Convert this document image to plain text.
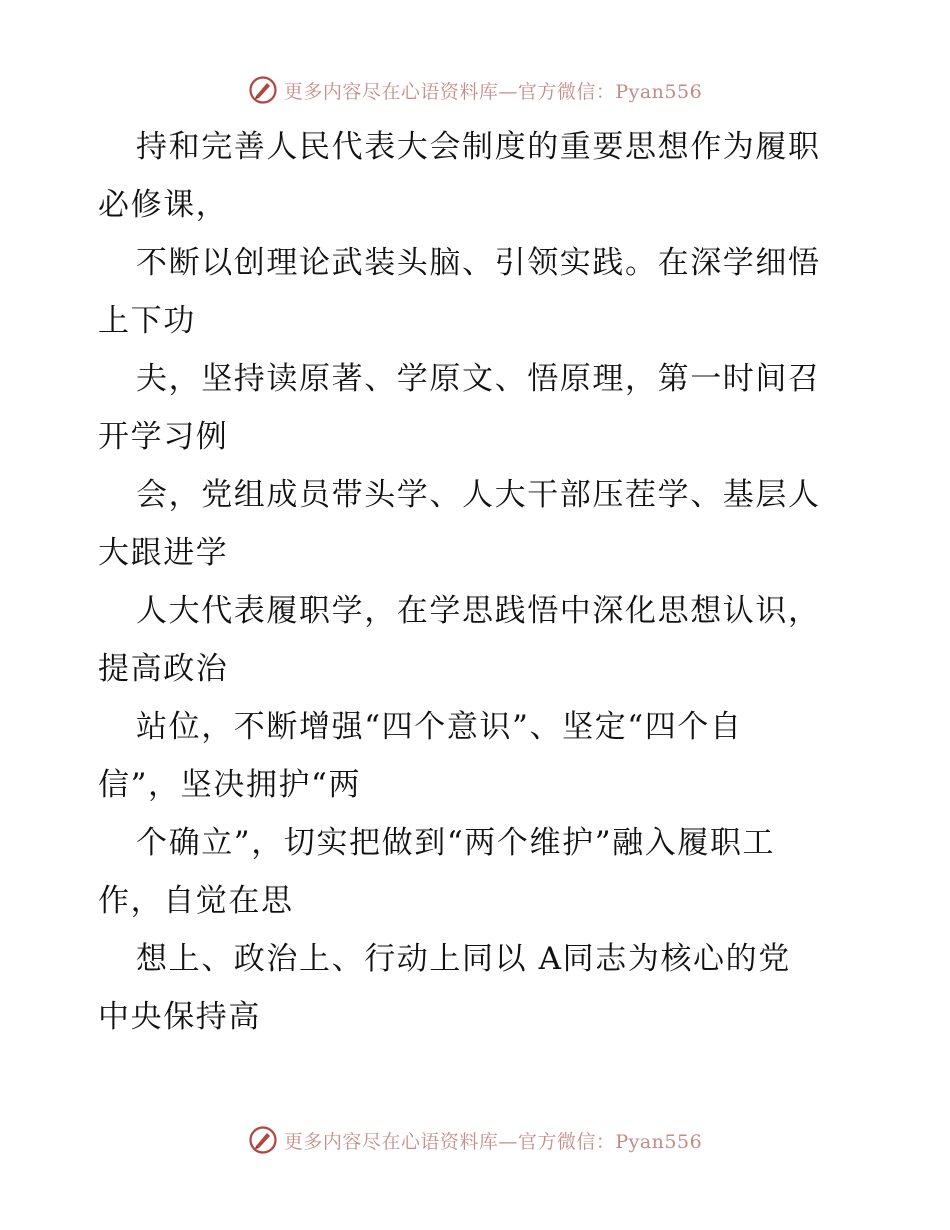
更多内容尽在心语资料库—官方微信：Pyan556
持和完善人民代表大会制度的重要思想作为履职
必修课，
不断以创理论武装头脑、引领实践。在深学细悟
上下功
夫，坚持读原著、学原文、悟原理，第一时间召
开学习例
会，党组成员带头学、人大干部压茬学、基层人
大跟进学
人大代表履职学，在学思践悟中深化思想认识，
提高政治
站位，不断增强“四个意识”、坚定“四个自
信”，坚决拥护“两
个确立”，切实把做到“两个维护”融入履职工
作，自觉在思
想上、政治上、行动上同以 A同志为核心的党
中央保持高
更多内容尽在心语资料库—官方微信：Pyan556
